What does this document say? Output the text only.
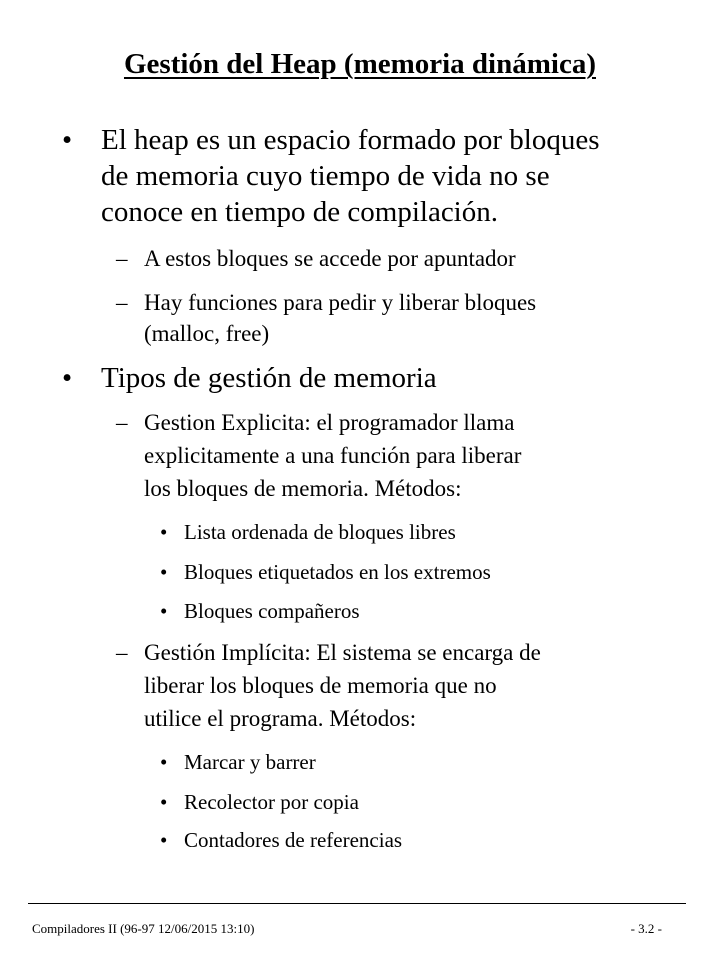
Gestión del Heap (memoria dinámica)
• El heap es un espacio formado por bloques
de memoria cuyo tiempo de vida no se
conoce en tiempo de compilación.
– A estos bloques se accede por apuntador
– Hay funciones para pedir y liberar bloques
(malloc, free)
• Tipos de gestión de memoria
– Gestion Explicita: el programador llama
explicitamente a una función para liberar
los bloques de memoria. Métodos:
• Lista ordenada de bloques libres
• Bloques etiquetados en los extremos
• Bloques compañeros
– Gestión Implícita: El sistema se encarga de
liberar los bloques de memoria que no
utilice el programa. Métodos:
• Marcar y barrer
• Recolector por copia
• Contadores de referencias
Compiladores II (96-97 12/06/2015 13:10)	- 3.2 -
